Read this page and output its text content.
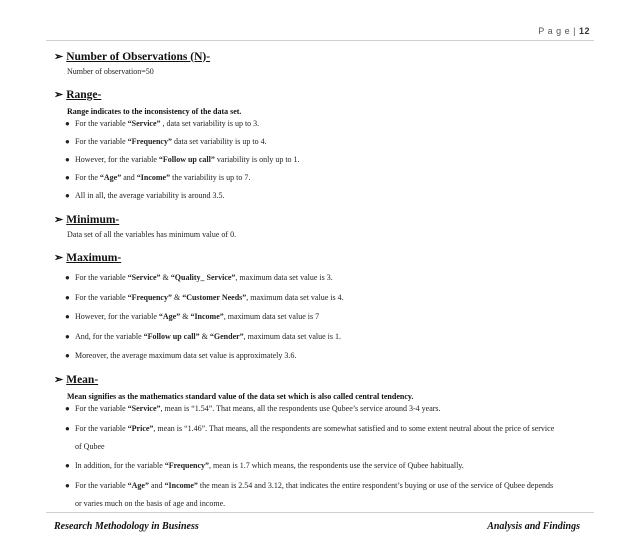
P a g e | 12
➢ Number of Observations (N)-
Number of observation=50
➢ Range-
Range indicates to the inconsistency of the data set.
● For the variable “Service” , data set variability is up to 3.
● For the variable “Frequency” data set variability is up to 4.
● However, for the variable “Follow up call” variability is only up to 1.
● For the “Age” and “Income” the variability is up to 7.
● All in all, the average variability is around 3.5.
➢ Minimum-
Data set of all the variables has minimum value of 0.
➢ Maximum-
● For the variable “Service” & “Quality_ Service”, maximum data set value is 3.
● For the variable “Frequency” & “Customer Needs”, maximum data set value is 4.
● However, for the variable “Age” & “Income”, maximum data set value is 7
● And, for the variable “Follow up call” & “Gender”, maximum data set value is 1.
● Moreover, the average maximum data set value is approximately 3.6.
➢ Mean-
Mean signifies as the mathematics standard value of the data set which is also called central tendency.
● For the variable “Service”, mean is “1.54”. That means, all the respondents use Qubee’s service around 3-4 years.
● For the variable “Price”, mean is “1.46”. That means, all the respondents are somewhat satisfied and to some extent neutral about the price of service
of Qubee
● In addition, for the variable “Frequency”, mean is 1.7 which means, the respondents use the service of Qubee habitually.
● For the variable “Age” and “Income” the mean is 2.54 and 3.12, that indicates the entire respondent’s buying or use of the service of Qubee depends
or varies much on the basis of age and income.
Research Methodology in Business	Analysis and Findings
